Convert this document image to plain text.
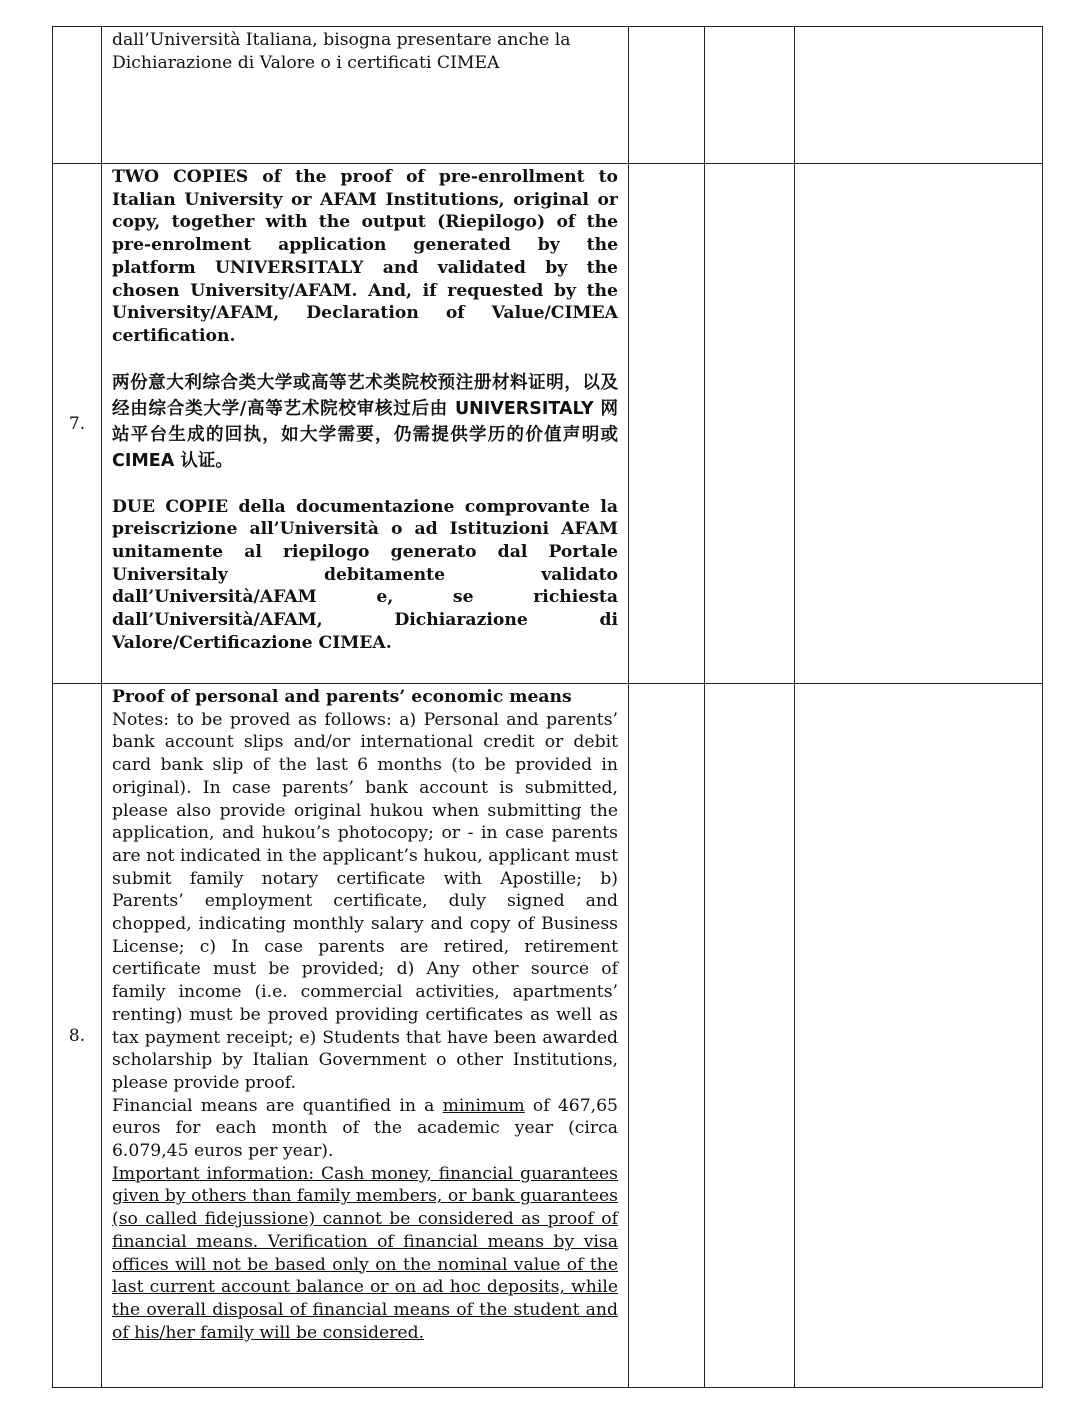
	dall’Università Italiana, bisogna presentare anche la Dichiarazione di Valore o i certificati CIMEA			

7.	TWO COPIES of the proof of pre-enrollment to Italian University or AFAM Institutions, original or copy, together with the output (Riepilogo) of the pre-enrolment application generated by the platform UNIVERSITALY and validated by the chosen University/AFAM. And, if requested by the University/AFAM, Declaration of Value/CIMEA certification.

两份意大利综合类大学或高等艺术类院校预注册材料证明，以及经由综合类大学/高等艺术院校审核过后由 UNIVERSITALY 网站平台生成的回执，如大学需要，仍需提供学历的价值声明或 CIMEA 认证。

DUE COPIE della documentazione comprovante la preiscrizione all’Università o ad Istituzioni AFAM unitamente al riepilogo generato dal Portale Universitaly debitamente validato dall’Università/AFAM e, se richiesta dall’Università/AFAM, Dichiarazione di Valore/Certificazione CIMEA.			

8.	Proof of personal and parents’ economic means

Notes: to be proved as follows: a) Personal and parents’ bank account slips and/or international credit or debit card bank slip of the last 6 months (to be provided in original). In case parents’ bank account is submitted, please also provide original hukou when submitting the application, and hukou’s photocopy; or - in case parents are not indicated in the applicant’s hukou, applicant must submit family notary certificate with Apostille; b) Parents’ employment certificate, duly signed and chopped, indicating monthly salary and copy of Business License; c) In case parents are retired, retirement certificate must be provided; d) Any other source of family income (i.e. commercial activities, apartments’ renting) must be proved providing certificates as well as tax payment receipt; e) Students that have been awarded scholarship by Italian Government o other Institutions, please provide proof.

Financial means are quantified in a minimum of 467,65 euros for each month of the academic year (circa 6.079,45 euros per year).

Important information: Cash money, financial guarantees given by others than family members, or bank guarantees (so called fidejussione) cannot be considered as proof of financial means. Verification of financial means by visa offices will not be based only on the nominal value of the last current account balance or on ad hoc deposits, while the overall disposal of financial means of the student and of his/her family will be considered.			
